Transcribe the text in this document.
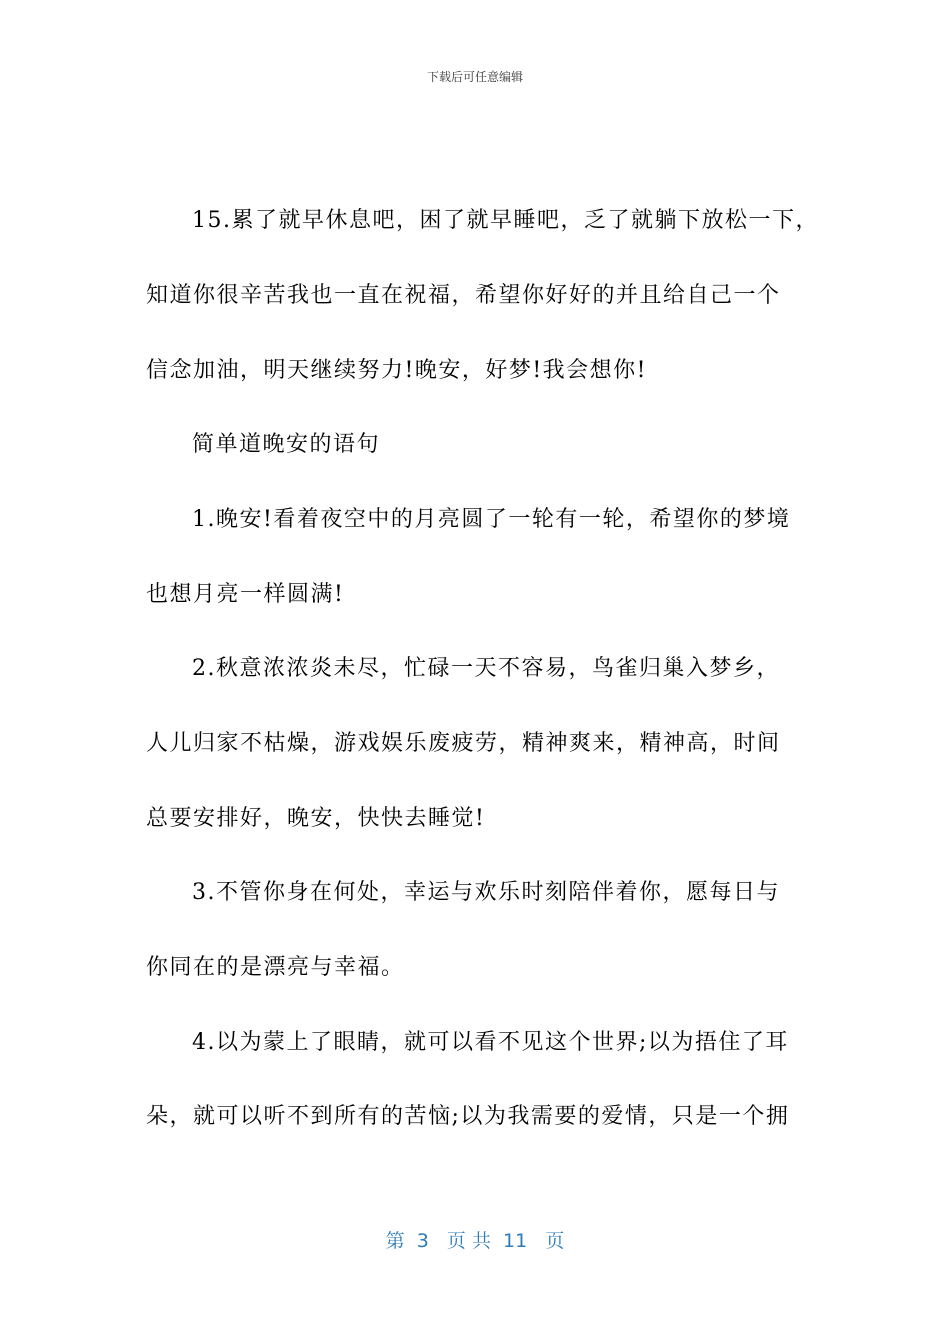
下载后可任意编辑
15.累了就早休息吧，困了就早睡吧，乏了就躺下放松一下，
知道你很辛苦我也一直在祝福，希望你好好的并且给自己一个
信念加油，明天继续努力!晚安，好梦!我会想你!
简单道晚安的语句
1.晚安!看着夜空中的月亮圆了一轮有一轮，希望你的梦境
也想月亮一样圆满!
2.秋意浓浓炎未尽，忙碌一天不容易，鸟雀归巢入梦乡，
人儿归家不枯燥，游戏娱乐废疲劳，精神爽来，精神高，时间
总要安排好，晚安，快快去睡觉!
3.不管你身在何处，幸运与欢乐时刻陪伴着你，愿每日与
你同在的是漂亮与幸福。
4.以为蒙上了眼睛，就可以看不见这个世界;以为捂住了耳
朵，就可以听不到所有的苦恼;以为我需要的爱情，只是一个拥
第  3   页 共  11   页
